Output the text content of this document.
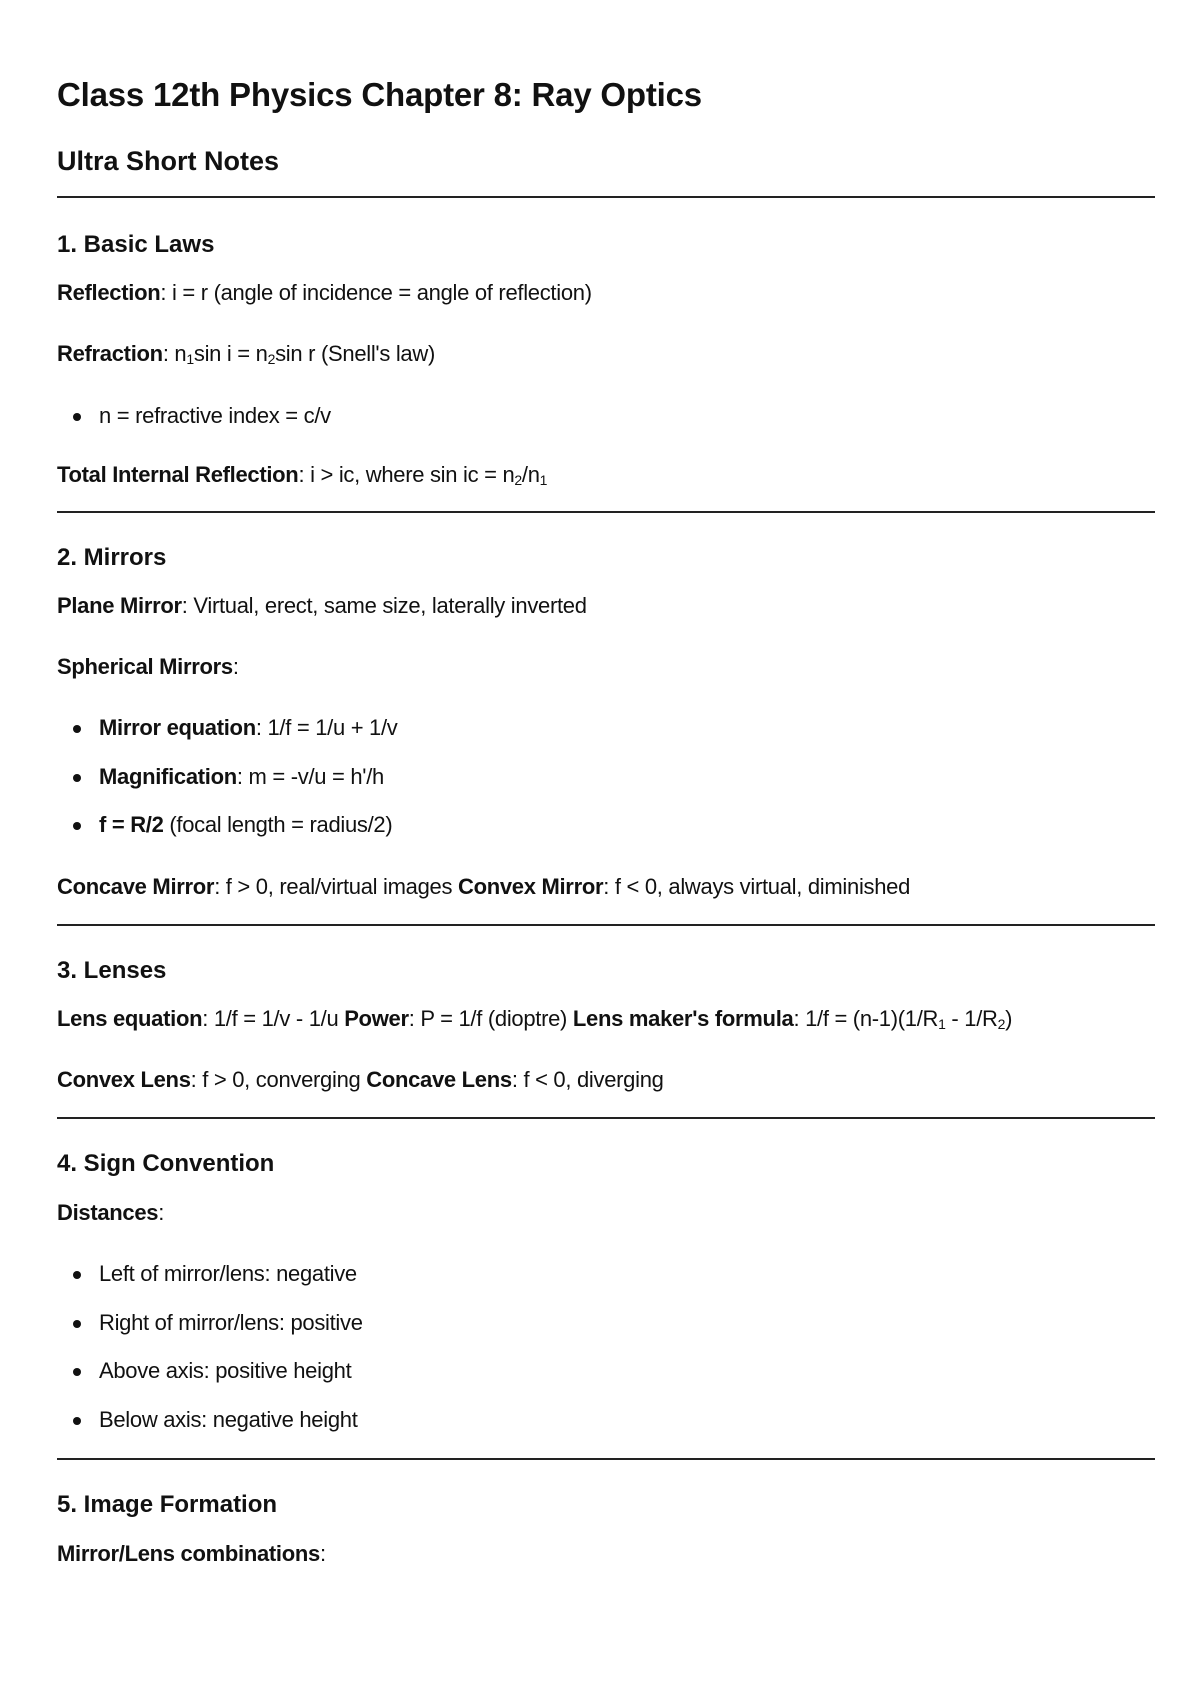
Class 12th Physics Chapter 8: Ray Optics
Ultra Short Notes
1. Basic Laws

Reflection: i = r (angle of incidence = angle of reflection)

Refraction: $n_1\sin$ $i = n_2\sin$ r (Snell's law)

n = refractive index = c/v

Total Internal Reflection: i > ic, where sin ic = $n_2/n_1$

2. Mirrors

Plane Mirror: Virtual, erect, same size, laterally inverted

Spherical Mirrors:

Mirror equation: 1/f = 1/u + 1/v
Magnification: m = -v/u = h'/h
f = R/2 (focal length = radius/2)

Concave Mirror: f > 0, real/virtual images Convex Mirror: f < 0, always virtual, diminished

3. Lenses

Lens equation: 1/f = 1/v - 1/u Power: P = 1/f (dioptre) Lens maker's formula: $1/f = (n-1)(1/R_1 - 1/R_2)$

Convex Lens: f > 0, converging Concave Lens: f < 0, diverging

4. Sign Convention

Distances:

Left of mirror/lens: negative
Right of mirror/lens: positive
Above axis: positive height
Below axis: negative height
5. Image Formation

Mirror/Lens combinations:
